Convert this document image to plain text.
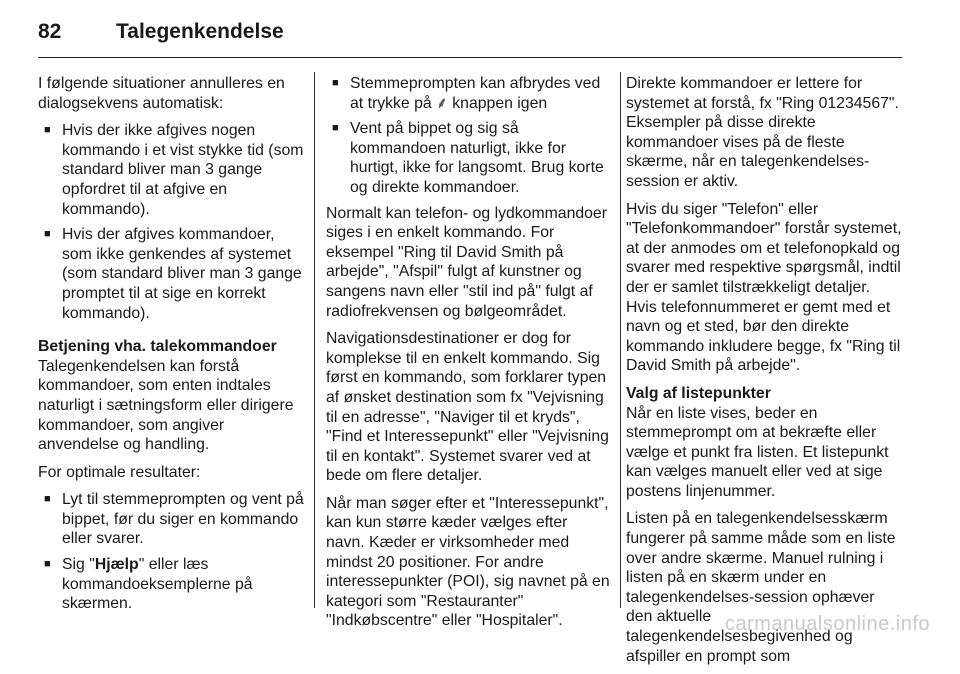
82	Talegenkendelse

I følgende situationer annulleres en dialogsekvens automatisk:

■ Hvis der ikke afgives nogen kommando i et vist stykke tid (som standard bliver man 3 gange opfordret til at afgive en kommando).
■ Hvis der afgives kommandoer, som ikke genkendes af systemet (som standard bliver man 3 gange promptet til at sige en korrekt kommando).
Betjening vha. talekommandoer

Talegenkendelsen kan forstå kommandoer, som enten indtales naturligt i sætningsform eller dirigere kommandoer, som angiver anvendelse og handling.

For optimale resultater:

■ Lyt til stemmeprompten og vent på bippet, før du siger en kommando eller svarer.
■ Sig "Hjælp" eller læs kommandoeksemplerne på skærmen.
■ Stemmeprompten kan afbrydes ved at trykke på ⸙ knappen igen
■ Vent på bippet og sig så kommandoen naturligt, ikke for hurtigt, ikke for langsomt. Brug korte og direkte kommandoer.

Normalt kan telefon- og lydkommandoer siges i en enkelt kommando. For eksempel "Ring til David Smith på arbejde", "Afspil" fulgt af kunstner og sangens navn eller "stil ind på" fulgt af radiofrekvensen og bølgeområdet.

Navigationsdestinationer er dog for komplekse til en enkelt kommando. Sig først en kommando, som forklarer typen af ønsket destination som fx "Vejvisning til en adresse", "Naviger til et kryds", "Find et Interessepunkt" eller "Vejvisning til en kontakt". Systemet svarer ved at bede om flere detaljer.

Når man søger efter et "Interessepunkt", kan kun større kæder vælges efter navn. Kæder er virksomheder med mindst 20 positioner. For andre interessepunkter (POI), sig navnet på en kategori som "Restauranter" "Indkøbscentre" eller "Hospitaler".

Direkte kommandoer er lettere for systemet at forstå, fx "Ring 01234567". Eksempler på disse direkte kommandoer vises på de fleste skærme, når en talegenkendelses-session er aktiv.

Hvis du siger "Telefon" eller "Telefonkommandoer" forstår systemet, at der anmodes om et telefonopkald og svarer med respektive spørgsmål, indtil der er samlet tilstrækkeligt detaljer. Hvis telefonnummeret er gemt med et navn og et sted, bør den direkte kommando inkludere begge, fx "Ring til David Smith på arbejde".

Valg af listepunkter

Når en liste vises, beder en stemmeprompt om at bekræfte eller vælge et punkt fra listen. Et listepunkt kan vælges manuelt eller ved at sige postens linjenummer.

Listen på en talegenkendelsesskærm fungerer på samme måde som en liste over andre skærme. Manuel rulning i listen på en skærm under en talegenkendelses-session ophæver den aktuelle talegenkendelsesbegivenhed og afspiller en prompt som

carmanualsonline.info
